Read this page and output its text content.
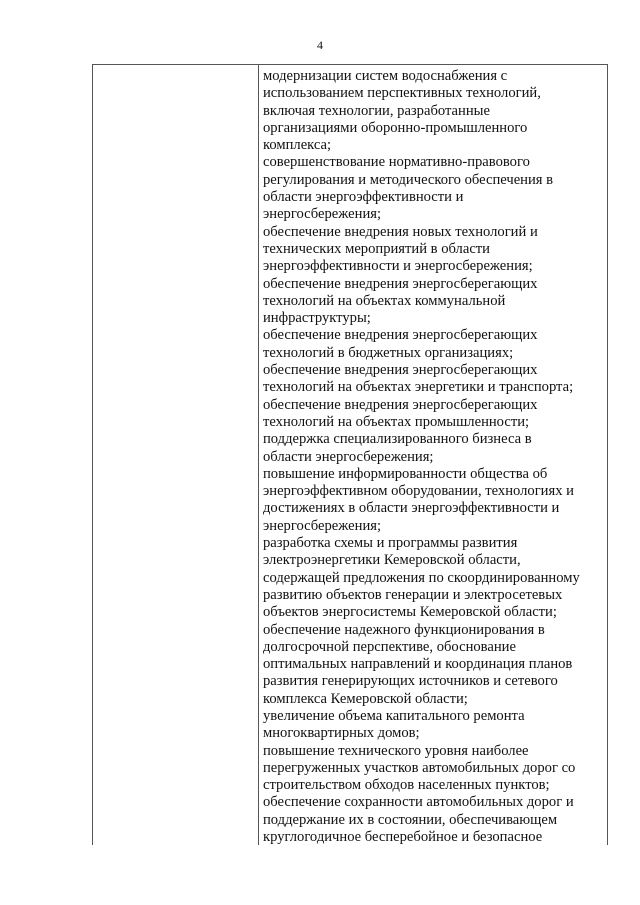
4
модернизации систем водоснабжения с
использованием перспективных технологий,
включая технологии, разработанные
организациями оборонно-промышленного
комплекса;
совершенствование нормативно-правового
регулирования и методического обеспечения в
области энергоэффективности и
энергосбережения;
обеспечение внедрения новых технологий и
технических мероприятий в области
энергоэффективности и энергосбережения;
обеспечение внедрения энергосберегающих
технологий на объектах коммунальной
инфраструктуры;
обеспечение внедрения энергосберегающих
технологий в бюджетных организациях;
обеспечение внедрения энергосберегающих
технологий на объектах энергетики и транспорта;
обеспечение внедрения энергосберегающих
технологий на объектах промышленности;
поддержка специализированного бизнеса в
области энергосбережения;
повышение информированности общества об
энергоэффективном оборудовании, технологиях и
достижениях в области энергоэффективности и
энергосбережения;
разработка схемы и программы развития
электроэнергетики Кемеровской области,
содержащей предложения по скоординированному
развитию объектов генерации и электросетевых
объектов энергосистемы Кемеровской области;
обеспечение надежного функционирования в
долгосрочной перспективе, обоснование
оптимальных направлений и координация планов
развития генерирующих источников и сетевого
комплекса Кемеровской области;
увеличение объема капитального ремонта
многоквартирных домов;
повышение технического уровня наиболее
перегруженных участков автомобильных дорог со
строительством обходов населенных пунктов;
обеспечение сохранности автомобильных дорог и
поддержание их в состоянии, обеспечивающем
круглогодичное бесперебойное и безопасное
